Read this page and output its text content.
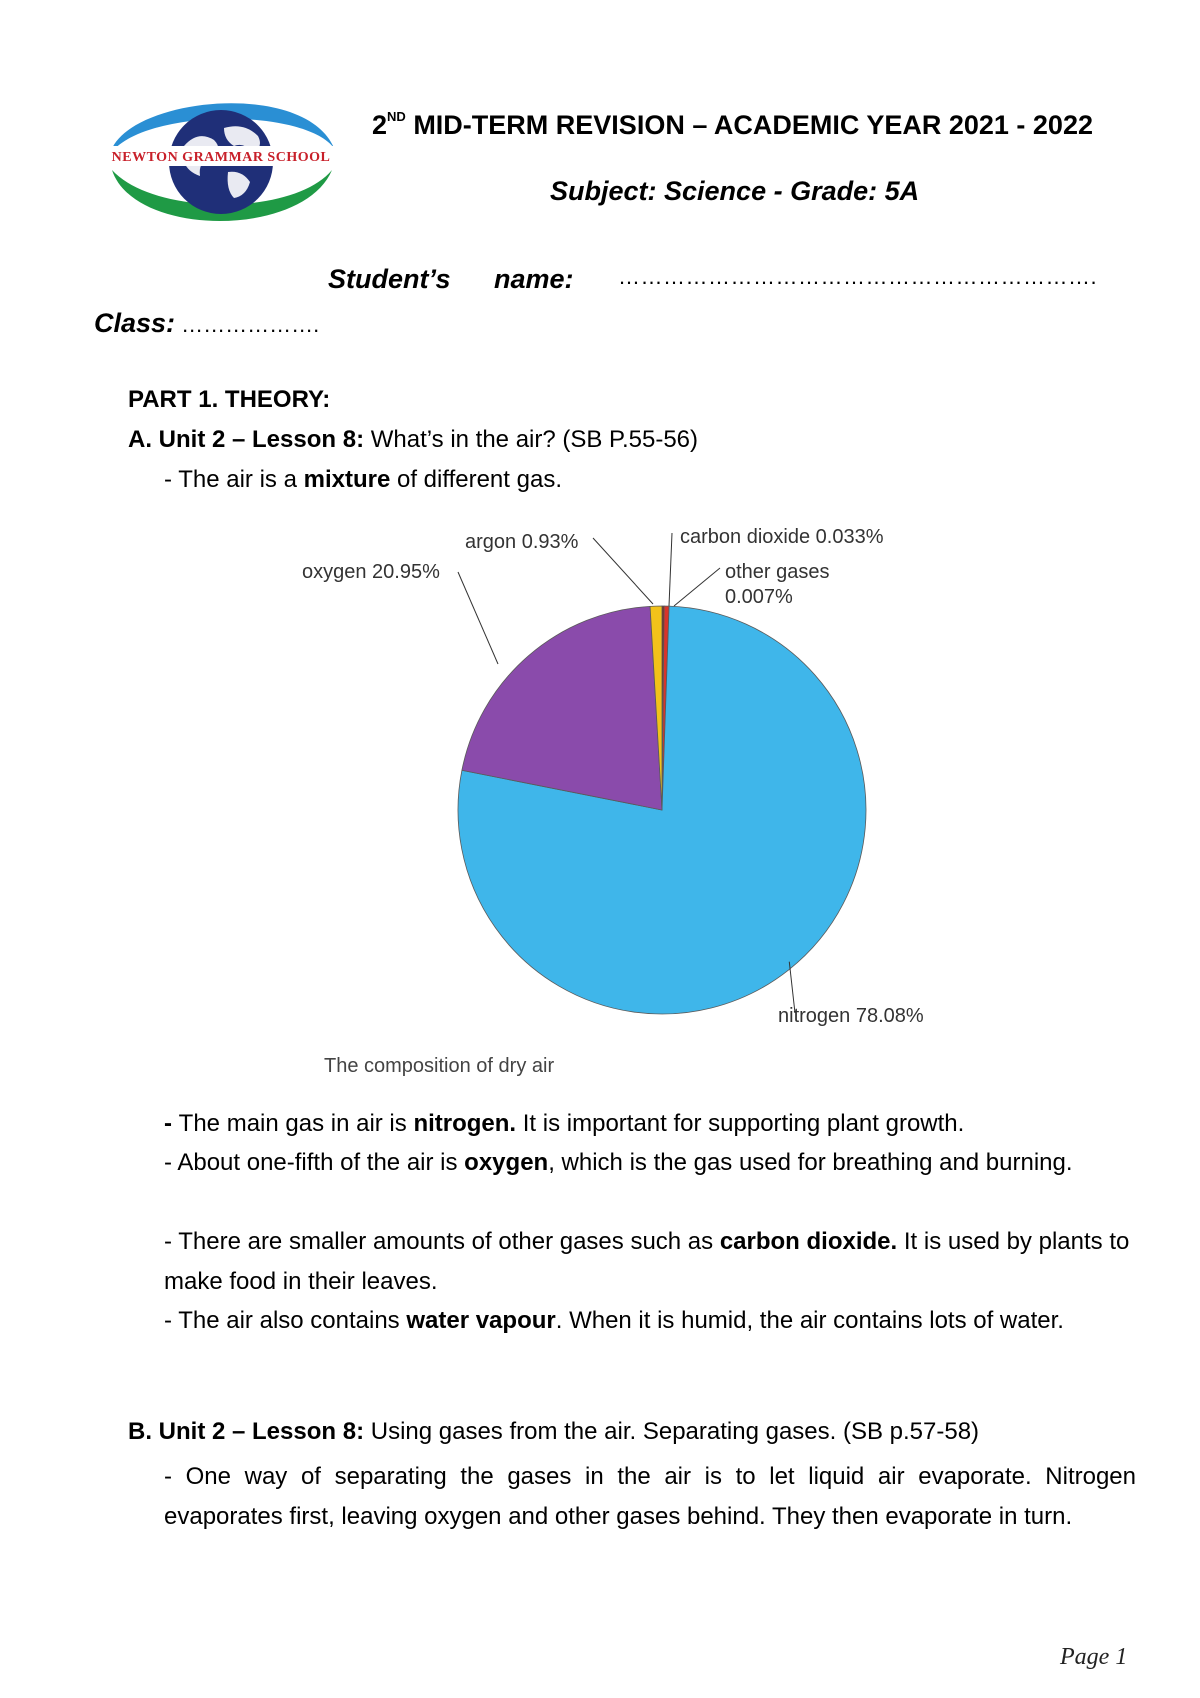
NEWTON GRAMMAR SCHOOL
2ND MID-TERM REVISION – ACADEMIC YEAR 2021 - 2022
Subject: Science - Grade: 5A
Student’s name: ……………………………………………………….
Class: ……………….
PART 1. THEORY:
A. Unit 2 – Lesson 8: What’s in the air? (SB P.55-56)
- The air is a mixture of different gas.
nitrogen 78.08%
oxygen 20.95%
argon 0.93%	carbon dioxide 0.033%
other gases 0.007%
The composition of dry air
- The main gas in air is nitrogen. It is important for supporting plant growth.
- About one-fifth of the air is oxygen, which is the gas used for breathing and burning.
- There are smaller amounts of other gases such as carbon dioxide. It is used by plants to make food in their leaves.
- The air also contains water vapour. When it is humid, the air contains lots of water.
B. Unit 2 – Lesson 8: Using gases from the air. Separating gases. (SB p.57-58)
- One way of separating the gases in the air is to let liquid air evaporate. Nitrogen evaporates first, leaving oxygen and other gases behind. They then evaporate in turn.
Page 1
